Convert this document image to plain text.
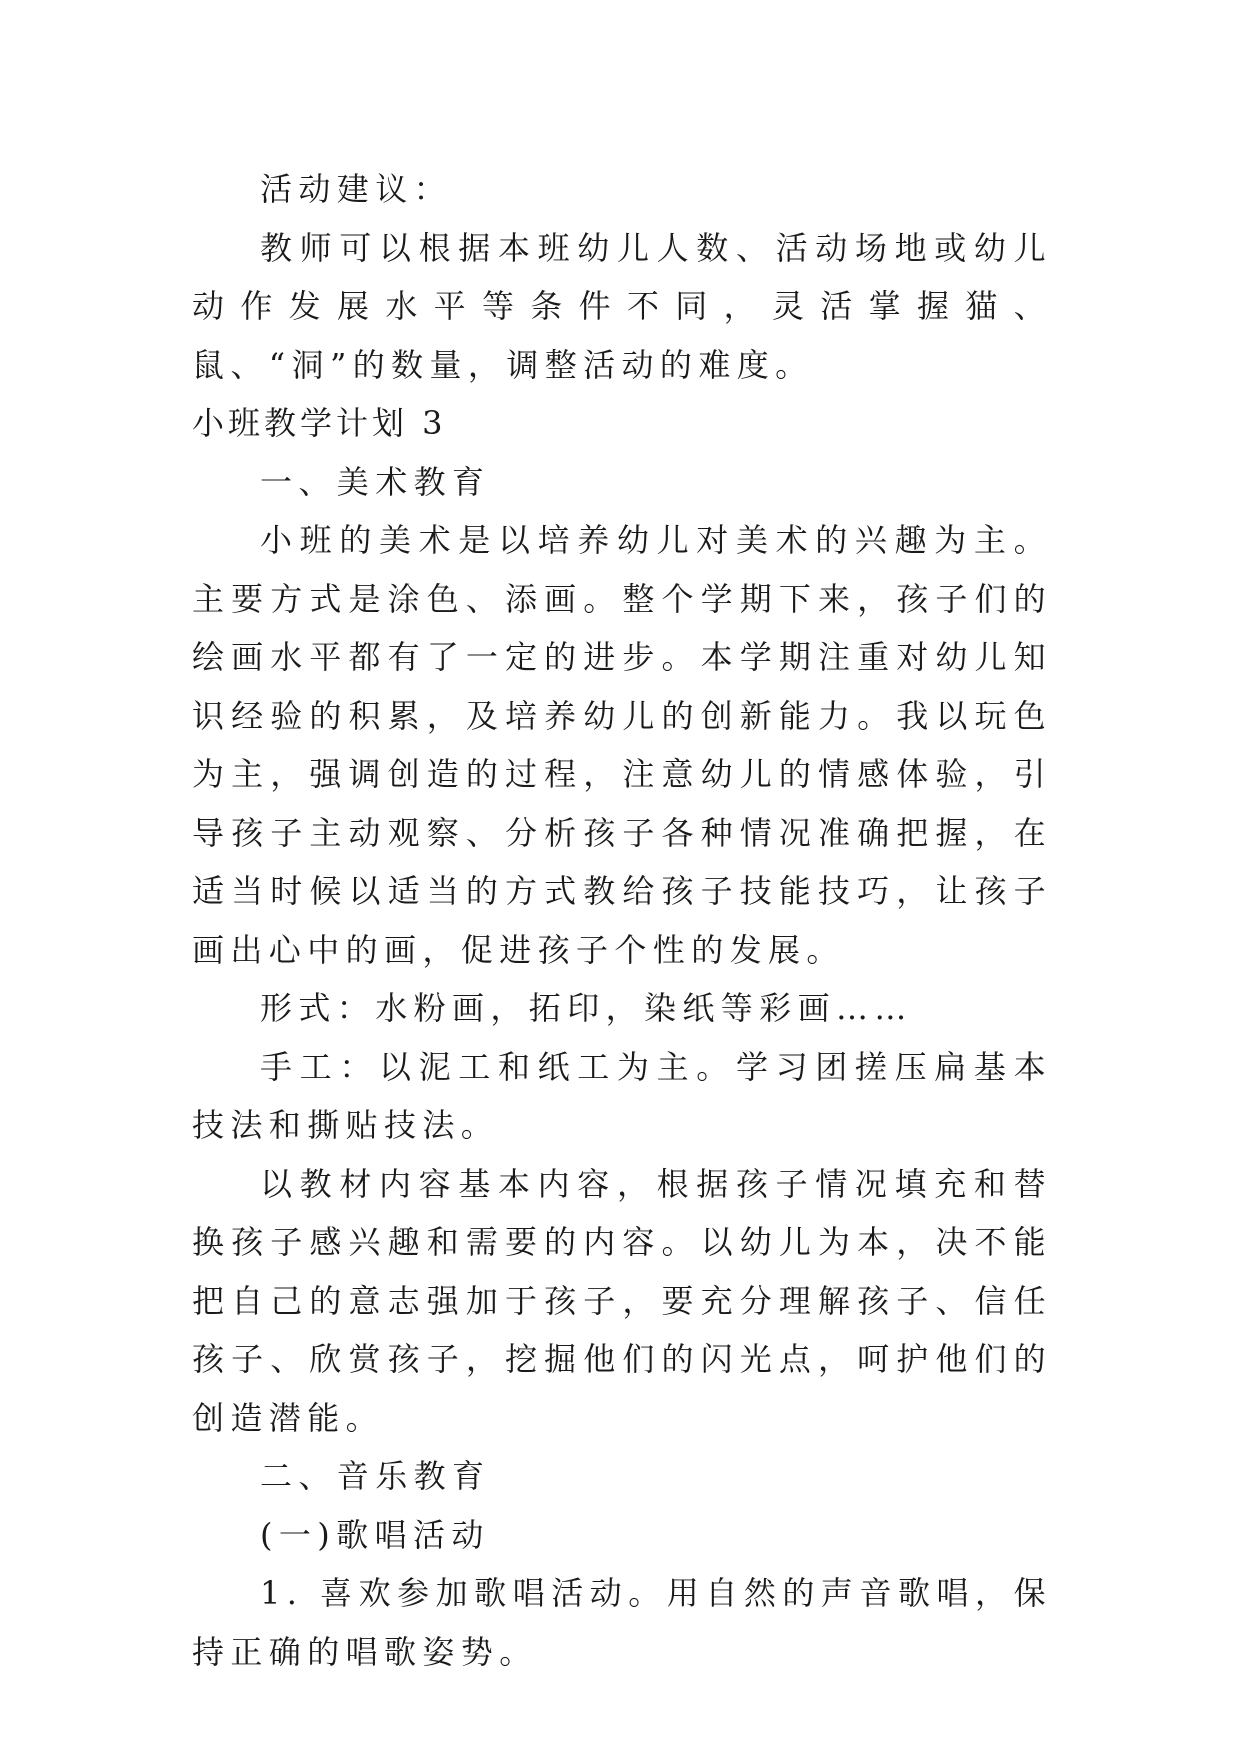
活动建议：

教师可以根据本班幼儿人数、活动场地或幼儿动作发展水平等条件不同，灵活掌握猫、鼠、“洞”的数量，调整活动的难度。

小班教学计划 3

一、美术教育

小班的美术是以培养幼儿对美术的兴趣为主。主要方式是涂色、添画。整个学期下来，孩子们的绘画水平都有了一定的进步。本学期注重对幼儿知识经验的积累，及培养幼儿的创新能力。我以玩色为主，强调创造的过程，注意幼儿的情感体验，引导孩子主动观察、分析孩子各种情况准确把握，在适当时候以适当的方式教给孩子技能技巧，让孩子画出心中的画，促进孩子个性的发展。

形式：水粉画，拓印，染纸等彩画……

手工：以泥工和纸工为主。学习团搓压扁基本技法和撕贴技法。

以教材内容基本内容，根据孩子情况填充和替换孩子感兴趣和需要的内容。以幼儿为本，决不能把自己的意志强加于孩子，要充分理解孩子、信任孩子、欣赏孩子，挖掘他们的闪光点，呵护他们的创造潜能。

二、音乐教育

(一)歌唱活动

1. 喜欢参加歌唱活动。用自然的声音歌唱，保持正确的唱歌姿势。
